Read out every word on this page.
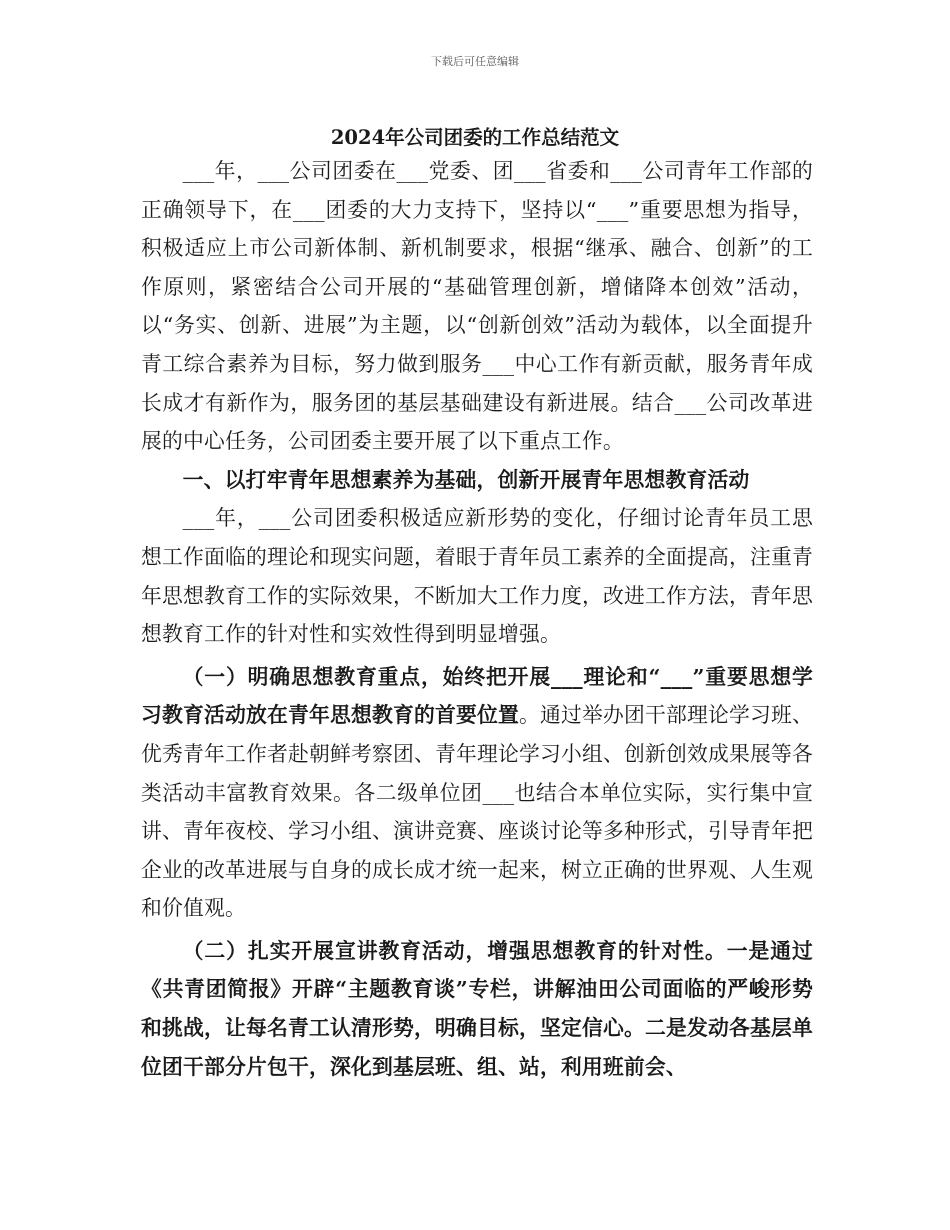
下载后可任意编辑
2024年公司团委的工作总结范文

___年，___公司团委在___党委、团___省委和___公司青年工作部的正确领导下，在___团委的大力支持下，坚持以“___”重要思想为指导，积极适应上市公司新体制、新机制要求，根据“继承、融合、创新”的工作原则，紧密结合公司开展的“基础管理创新，增储降本创效”活动，以“务实、创新、进展”为主题，以“创新创效”活动为载体，以全面提升青工综合素养为目标，努力做到服务___中心工作有新贡献，服务青年成长成才有新作为，服务团的基层基础建设有新进展。结合___公司改革进展的中心任务，公司团委主要开展了以下重点工作。

一、以打牢青年思想素养为基础，创新开展青年思想教育活动

___年，___公司团委积极适应新形势的变化，仔细讨论青年员工思想工作面临的理论和现实问题，着眼于青年员工素养的全面提高，注重青年思想教育工作的实际效果，不断加大工作力度，改进工作方法，青年思想教育工作的针对性和实效性得到明显增强。

（一）明确思想教育重点，始终把开展___理论和“___”重要思想学习教育活动放在青年思想教育的首要位置。通过举办团干部理论学习班、优秀青年工作者赴朝鲜考察团、青年理论学习小组、创新创效成果展等各类活动丰富教育效果。各二级单位团___也结合本单位实际，实行集中宣讲、青年夜校、学习小组、演讲竞赛、座谈讨论等多种形式，引导青年把企业的改革进展与自身的成长成才统一起来，树立正确的世界观、人生观和价值观。

（二）扎实开展宣讲教育活动，增强思想教育的针对性。一是通过《共青团简报》开辟“主题教育谈”专栏，讲解油田公司面临的严峻形势和挑战，让每名青工认清形势，明确目标，坚定信心。二是发动各基层单位团干部分片包干，深化到基层班、组、站，利用班前会、
